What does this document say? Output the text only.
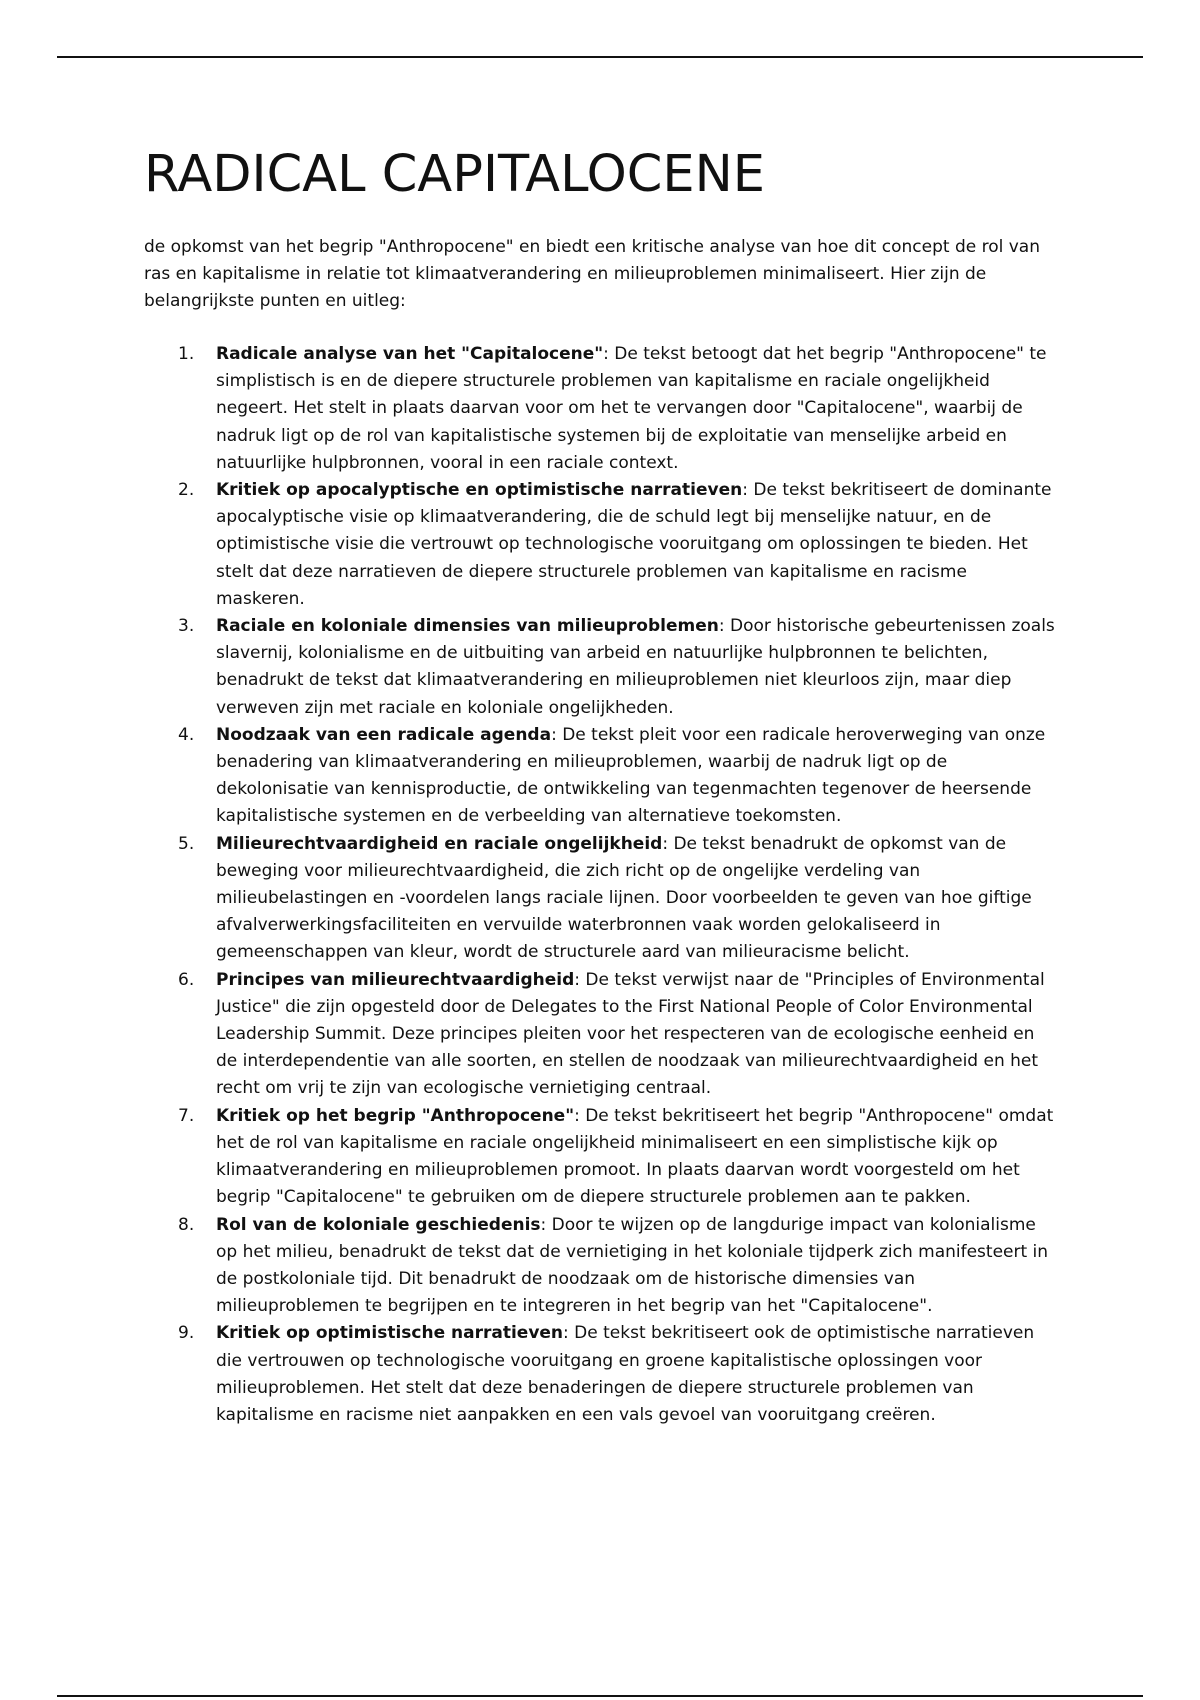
RADICAL CAPITALOCENE

de opkomst van het begrip "Anthropocene" en biedt een kritische analyse van hoe dit concept de rol van ras en kapitalisme in relatie tot klimaatverandering en milieuproblemen minimaliseert. Hier zijn de belangrijkste punten en uitleg:

1. Radicale analyse van het "Capitalocene": De tekst betoogt dat het begrip "Anthropocene" te simplistisch is en de diepere structurele problemen van kapitalisme en raciale ongelijkheid negeert. Het stelt in plaats daarvan voor om het te vervangen door "Capitalocene", waarbij de nadruk ligt op de rol van kapitalistische systemen bij de exploitatie van menselijke arbeid en natuurlijke hulpbronnen, vooral in een raciale context.
2. Kritiek op apocalyptische en optimistische narratieven: De tekst bekritiseert de dominante apocalyptische visie op klimaatverandering, die de schuld legt bij menselijke natuur, en de optimistische visie die vertrouwt op technologische vooruitgang om oplossingen te bieden. Het stelt dat deze narratieven de diepere structurele problemen van kapitalisme en racisme maskeren.
3. Raciale en koloniale dimensies van milieuproblemen: Door historische gebeurtenissen zoals slavernij, kolonialisme en de uitbuiting van arbeid en natuurlijke hulpbronnen te belichten, benadrukt de tekst dat klimaatverandering en milieuproblemen niet kleurloos zijn, maar diep verweven zijn met raciale en koloniale ongelijkheden.
4. Noodzaak van een radicale agenda: De tekst pleit voor een radicale heroverweging van onze benadering van klimaatverandering en milieuproblemen, waarbij de nadruk ligt op de dekolonisatie van kennisproductie, de ontwikkeling van tegenmachten tegenover de heersende kapitalistische systemen en de verbeelding van alternatieve toekomsten.
5. Milieurechtvaardigheid en raciale ongelijkheid: De tekst benadrukt de opkomst van de beweging voor milieurechtvaardigheid, die zich richt op de ongelijke verdeling van milieubelastingen en -voordelen langs raciale lijnen. Door voorbeelden te geven van hoe giftige afvalverwerkingsfaciliteiten en vervuilde waterbronnen vaak worden gelokaliseerd in gemeenschappen van kleur, wordt de structurele aard van milieuracisme belicht.
6. Principes van milieurechtvaardigheid: De tekst verwijst naar de "Principles of Environmental Justice" die zijn opgesteld door de Delegates to the First National People of Color Environmental Leadership Summit. Deze principes pleiten voor het respecteren van de ecologische eenheid en de interdependentie van alle soorten, en stellen de noodzaak van milieurechtvaardigheid en het recht om vrij te zijn van ecologische vernietiging centraal.
7. Kritiek op het begrip "Anthropocene": De tekst bekritiseert het begrip "Anthropocene" omdat het de rol van kapitalisme en raciale ongelijkheid minimaliseert en een simplistische kijk op klimaatverandering en milieuproblemen promoot. In plaats daarvan wordt voorgesteld om het begrip "Capitalocene" te gebruiken om de diepere structurele problemen aan te pakken.
8. Rol van de koloniale geschiedenis: Door te wijzen op de langdurige impact van kolonialisme op het milieu, benadrukt de tekst dat de vernietiging in het koloniale tijdperk zich manifesteert in de postkoloniale tijd. Dit benadrukt de noodzaak om de historische dimensies van milieuproblemen te begrijpen en te integreren in het begrip van het "Capitalocene".
9. Kritiek op optimistische narratieven: De tekst bekritiseert ook de optimistische narratieven die vertrouwen op technologische vooruitgang en groene kapitalistische oplossingen voor milieuproblemen. Het stelt dat deze benaderingen de diepere structurele problemen van kapitalisme en racisme niet aanpakken en een vals gevoel van vooruitgang creëren.
